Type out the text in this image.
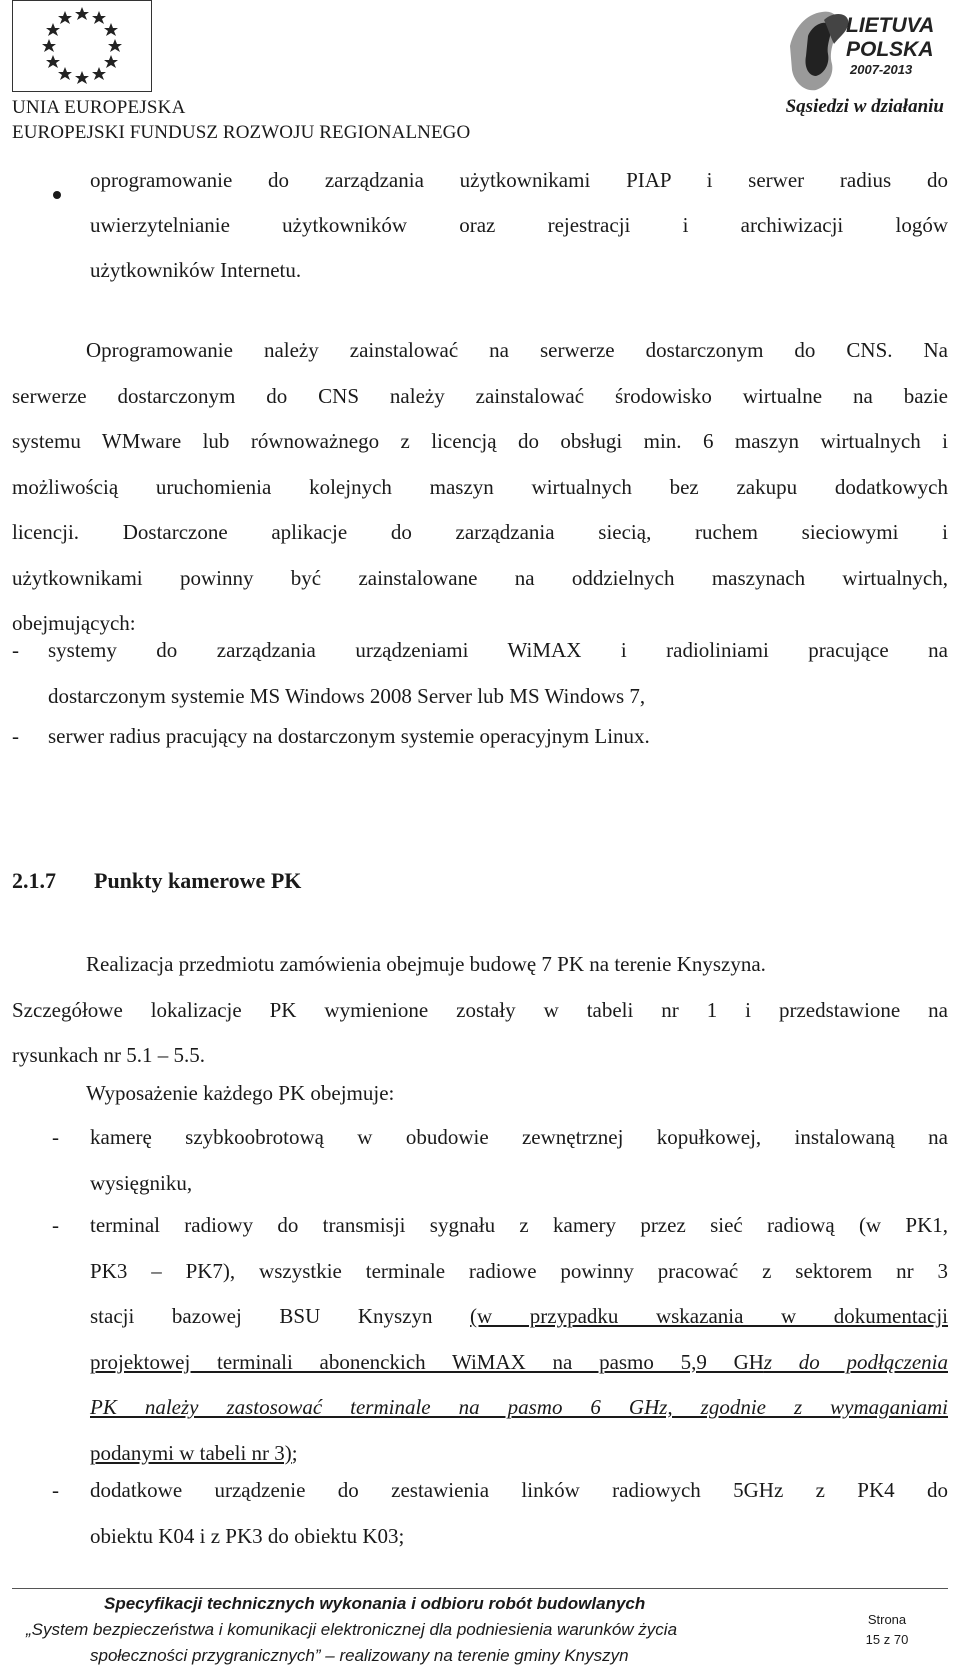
UNIA EUROPEJSKA
EUROPEJSKI FUNDUSZ ROZWOJU REGIONALNEGO
LIETUVA
POLSKA
2007-2013
Sąsiedzi w działaniu
oprogramowanie do zarządzania użytkownikami PIAP i serwer radius do
uwierzytelnianie użytkowników oraz rejestracji i archiwizacji logów
użytkowników Internetu.
Oprogramowanie należy zainstalować na serwerze dostarczonym do CNS. Na
serwerze dostarczonym do CNS należy zainstalować środowisko wirtualne na bazie
systemu WMware lub równoważnego z licencją do obsługi min. 6 maszyn wirtualnych i
możliwością uruchomienia kolejnych maszyn wirtualnych bez zakupu dodatkowych
licencji. Dostarczone aplikacje do zarządzania siecią, ruchem sieciowymi i
użytkownikami powinny być zainstalowane na oddzielnych maszynach wirtualnych,
obejmujących:
- systemy do zarządzania urządzeniami WiMAX i radioliniami pracujące na
dostarczonym systemie MS Windows 2008 Server lub MS Windows 7,
- serwer radius pracujący na dostarczonym systemie operacyjnym Linux.
2.1.7 Punkty kamerowe PK
Realizacja przedmiotu zamówienia obejmuje budowę 7 PK na terenie Knyszyna.
Szczegółowe lokalizacje PK wymienione zostały w tabeli nr 1 i przedstawione na
rysunkach nr 5.1 – 5.5.
Wyposażenie każdego PK obejmuje:
- kamerę szybkoobrotową w obudowie zewnętrznej kopułkowej, instalowaną na
wysięgniku,
- terminal radiowy do transmisji sygnału z kamery przez sieć radiową (w PK1,
PK3 – PK7), wszystkie terminale radiowe powinny pracować z sektorem nr 3
stacji bazowej BSU Knyszyn (w przypadku wskazania w dokumentacji
projektowej terminali abonenckich WiMAX na pasmo 5,9 GHz do podłączenia
PK należy zastosować terminale na pasmo 6 GHz, zgodnie z wymaganiami
podanymi w tabeli nr 3);
- dodatkowe urządzenie do zestawienia linków radiowych 5GHz z PK4 do
obiektu K04 i z PK3 do obiektu K03;
Specyfikacji technicznych wykonania i odbioru robót budowlanych
„System bezpieczeństwa i komunikacji elektronicznej dla podniesienia warunków życia
społeczności przygranicznych” – realizowany na terenie gminy Knyszyn
Strona
15 z 70
